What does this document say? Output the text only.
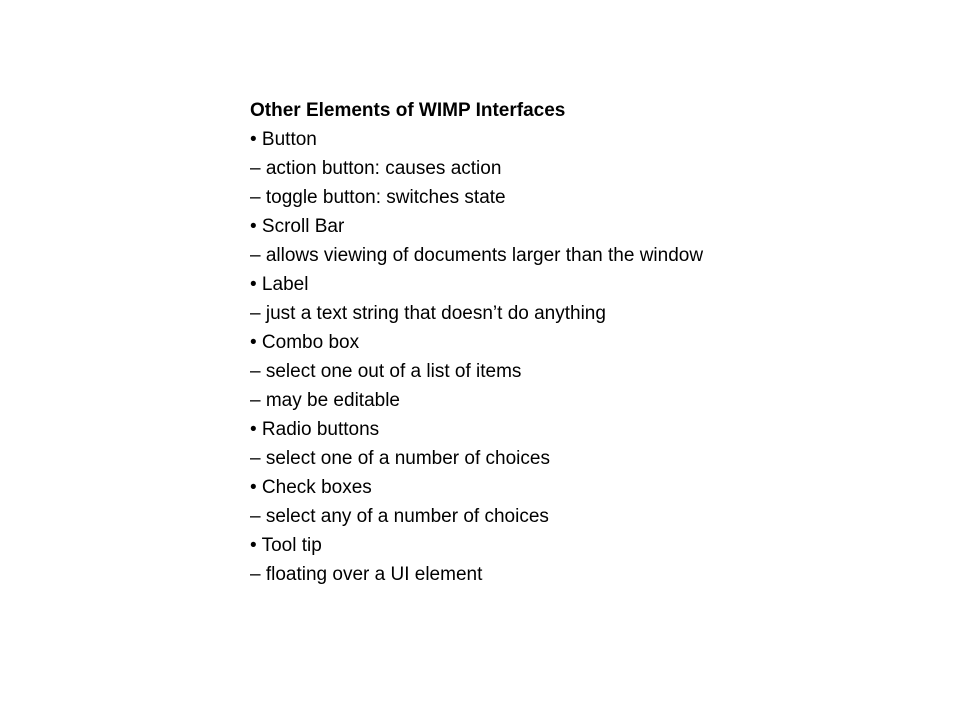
Other Elements of WIMP Interfaces
• Button
– action button: causes action
– toggle button: switches state
• Scroll Bar
– allows viewing of documents larger than the window
• Label
– just a text string that doesn’t do anything
• Combo box
– select one out of a list of items
– may be editable
• Radio buttons
– select one of a number of choices
• Check boxes
– select any of a number of choices
• Tool tip
– floating over a UI element
